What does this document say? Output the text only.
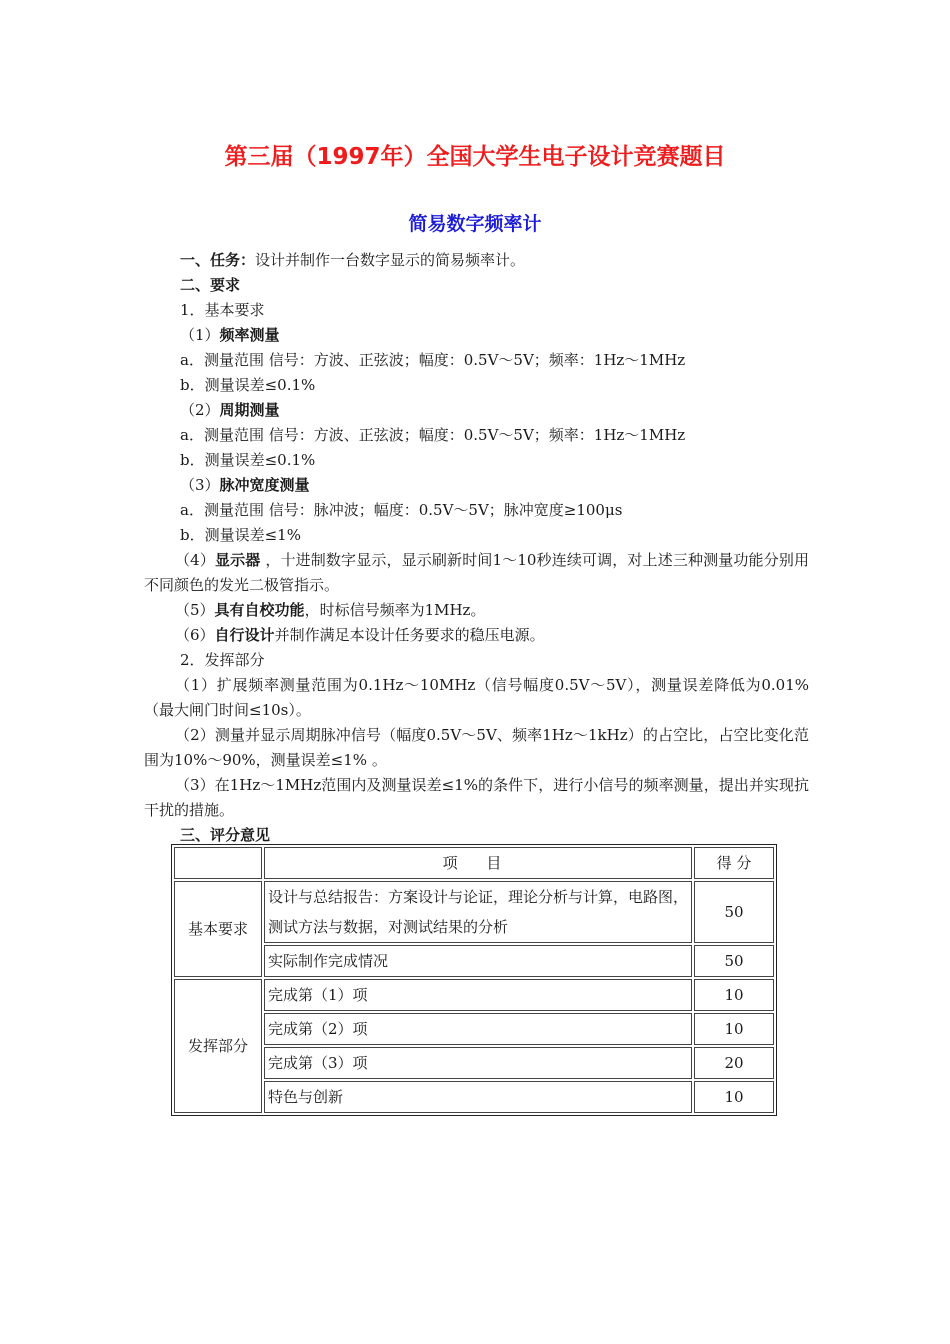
第三届（1997年）全国大学生电子设计竞赛题目
简易数字频率计
一、任务：设计并制作一台数字显示的简易频率计。
二、要求
1．基本要求
（1）频率测量
a．测量范围 信号：方波、正弦波；幅度：0.5V～5V；频率：1Hz～1MHz
b．测量误差≤0.1%
（2）周期测量
a．测量范围 信号：方波、正弦波；幅度：0.5V～5V；频率：1Hz～1MHz
b．测量误差≤0.1%
（3）脉冲宽度测量
a．测量范围 信号：脉冲波；幅度：0.5V～5V；脉冲宽度≥100μs
b．测量误差≤1%
（4）显示器 ，十进制数字显示，显示刷新时间1～10秒连续可调，对上述三种测量功能分别用不同颜色的发光二极管指示。
（5）具有自校功能，时标信号频率为1MHz。
（6）自行设计并制作满足本设计任务要求的稳压电源。
2．发挥部分
（1）扩展频率测量范围为0.1Hz～10MHz（信号幅度0.5V～5V），测量误差降低为0.01%（最大闸门时间≤10s）。
（2）测量并显示周期脉冲信号（幅度0.5V～5V、频率1Hz～1kHz）的占空比，占空比变化范围为10%～90%，测量误差≤1% 。
（3）在1Hz～1MHz范围内及测量误差≤1%的条件下，进行小信号的频率测量，提出并实现抗干扰的措施。
三、评分意见
	项 目	得 分
基本要求	设计与总结报告：方案设计与论证，理论分析与计算，电路图，测试方法与数据，对测试结果的分析	50
	实际制作完成情况	50
发挥部分	完成第（1）项	10
	完成第（2）项	10
	完成第（3）项	20
	特色与创新	10
